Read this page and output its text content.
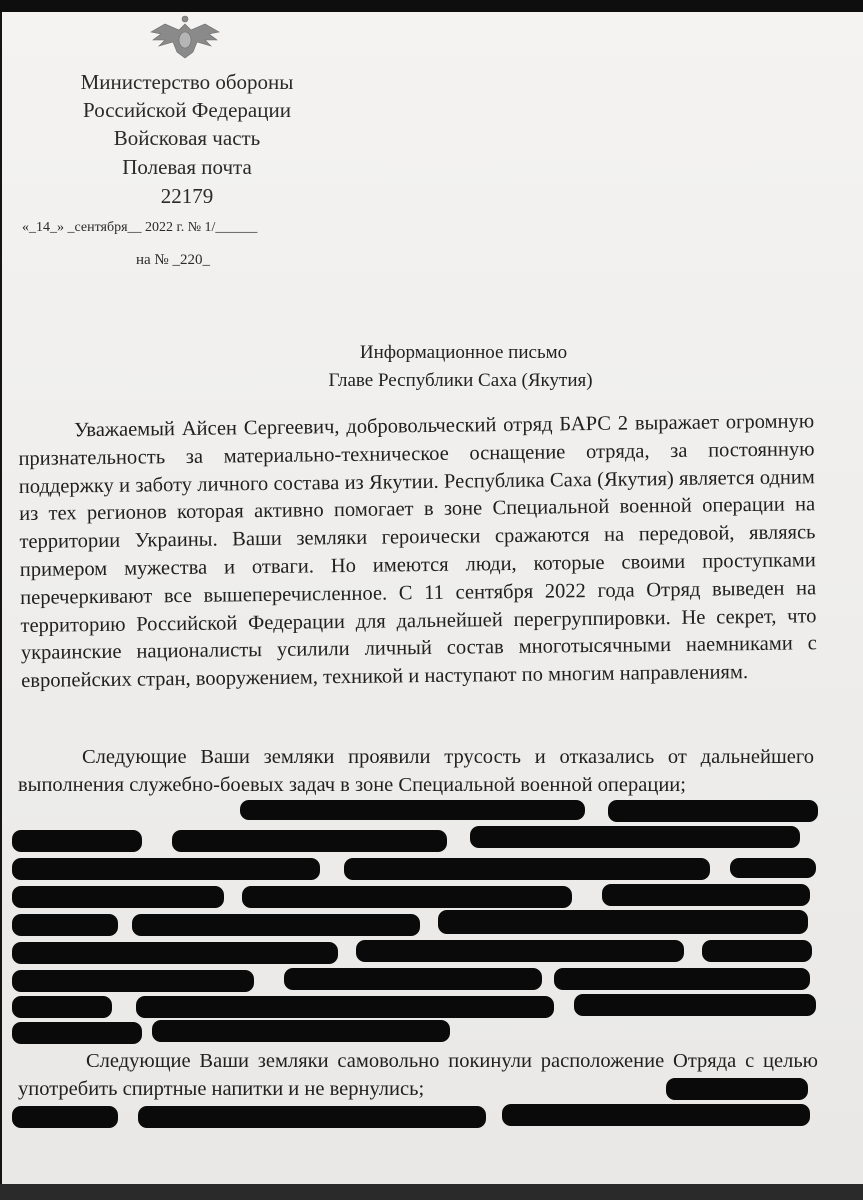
Министерство обороны
Российской Федерации
Войсковая часть
Полевая почта
22179
«_14_» _сентября__ 2022 г. № 1/______
на № _220_
Информационное письмо
Главе Республики Саха (Якутия)
Уважаемый Айсен Сергеевич, добровольческий отряд БАРС 2 выражает огромную признательность за материально-техническое оснащение отряда, за постоянную поддержку и заботу личного состава из Якутии. Республика Саха (Якутия) является одним из тех регионов которая активно помогает в зоне Специальной военной операции на территории Украины. Ваши земляки героически сражаются на передовой, являясь примером мужества и отваги. Но имеются люди, которые своими проступками перечеркивают все вышеперечисленное. С 11 сентября 2022 года Отряд выведен на территорию Российской Федерации для дальнейшей перегруппировки. Не секрет, что украинские националисты усилили личный состав многотысячными наемниками с европейских стран, вооружением, техникой и наступают по многим направлениям.
Следующие Ваши земляки проявили трусость и отказались от дальнейшего выполнения служебно-боевых задач в зоне Специальной военной операции;
Следующие Ваши земляки самовольно покинули расположение Отряда с целью употребить спиртные напитки и не вернулись;
